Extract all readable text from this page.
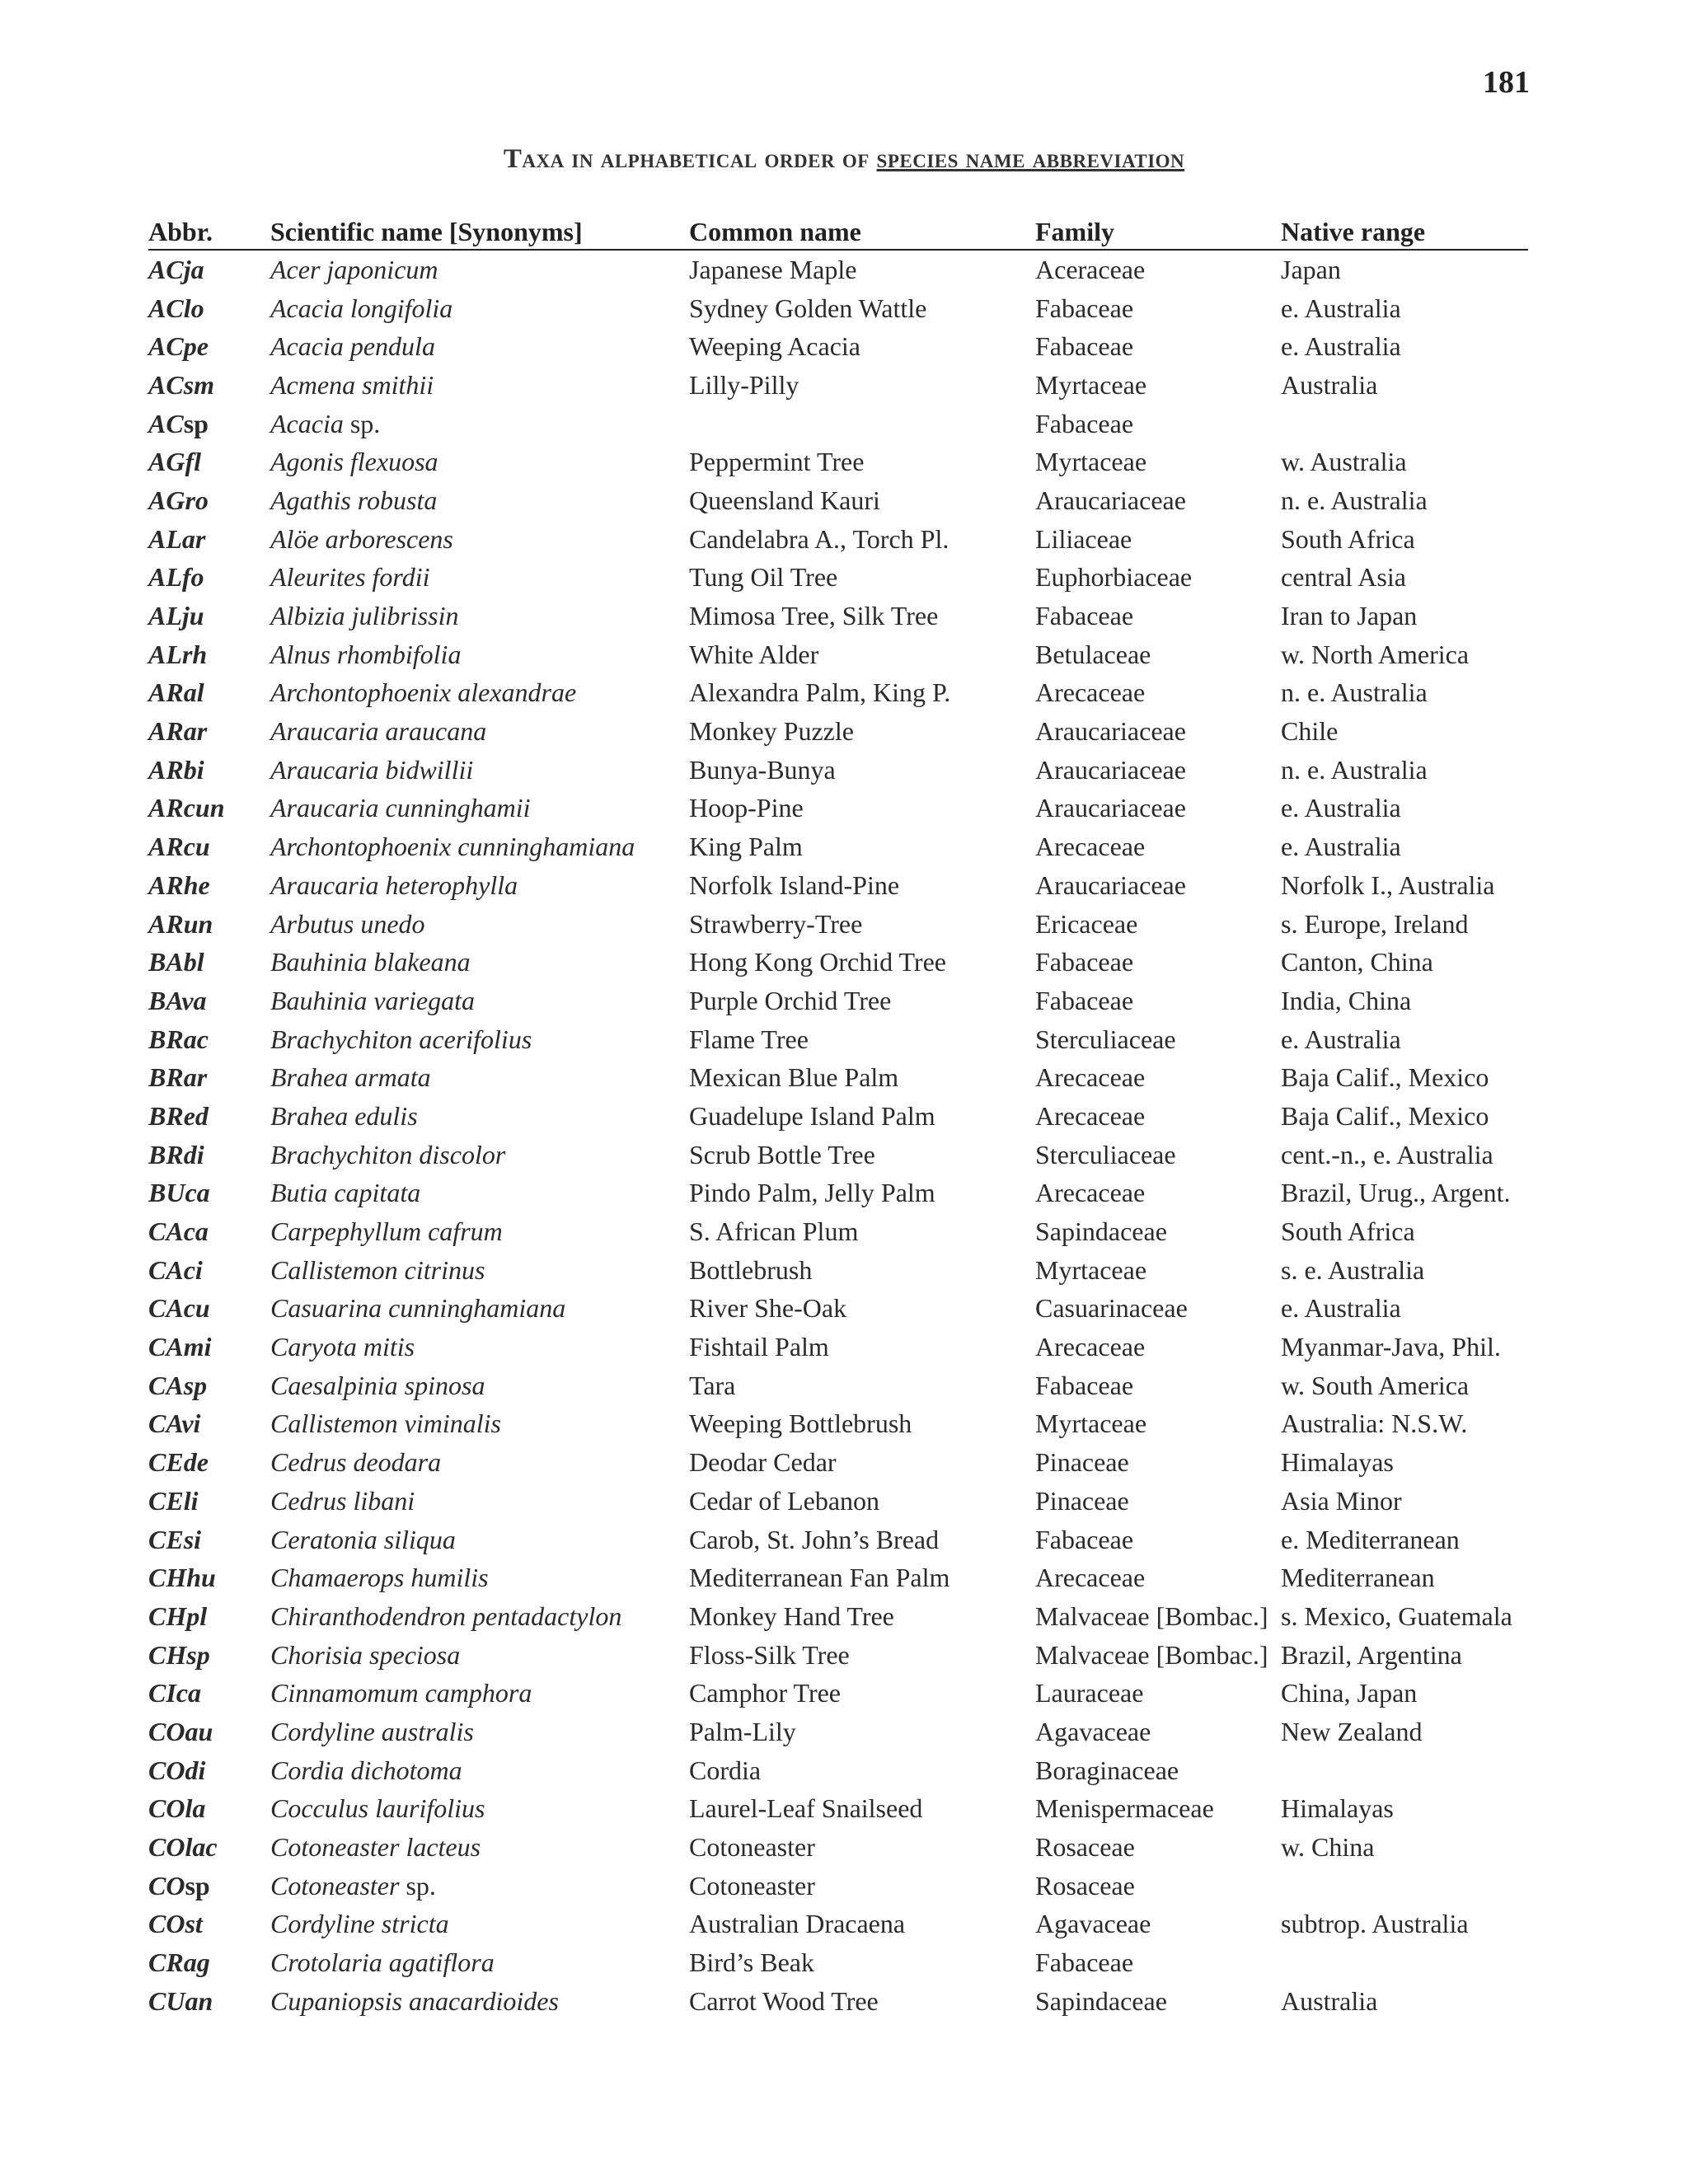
181
Taxa in alphabetical order of species name abbreviation
Abbr.	Scientific name [Synonyms]	Common name	Family	Native range
ACja	Acer japonicum	Japanese Maple	Aceraceae	Japan
AClo	Acacia longifolia	Sydney Golden Wattle	Fabaceae	e. Australia
ACpe	Acacia pendula	Weeping Acacia	Fabaceae	e. Australia
ACsm	Acmena smithii	Lilly-Pilly	Myrtaceae	Australia
ACsp	Acacia sp.		Fabaceae	
AGfl	Agonis flexuosa	Peppermint Tree	Myrtaceae	w. Australia
AGro	Agathis robusta	Queensland Kauri	Araucariaceae	n. e. Australia
ALar	Alöe arborescens	Candelabra A., Torch Pl.	Liliaceae	South Africa
ALfo	Aleurites fordii	Tung Oil Tree	Euphorbiaceae	central Asia
ALju	Albizia julibrissin	Mimosa Tree, Silk Tree	Fabaceae	Iran to Japan
ALrh	Alnus rhombifolia	White Alder	Betulaceae	w. North America
ARal	Archontophoenix alexandrae	Alexandra Palm, King P.	Arecaceae	n. e. Australia
ARar	Araucaria araucana	Monkey Puzzle	Araucariaceae	Chile
ARbi	Araucaria bidwillii	Bunya-Bunya	Araucariaceae	n. e. Australia
ARcun	Araucaria cunninghamii	Hoop-Pine	Araucariaceae	e. Australia
ARcu	Archontophoenix cunninghamiana	King Palm	Arecaceae	e. Australia
ARhe	Araucaria heterophylla	Norfolk Island-Pine	Araucariaceae	Norfolk I., Australia
ARun	Arbutus unedo	Strawberry-Tree	Ericaceae	s. Europe, Ireland
BAbl	Bauhinia blakeana	Hong Kong Orchid Tree	Fabaceae	Canton, China
BAva	Bauhinia variegata	Purple Orchid Tree	Fabaceae	India, China
BRac	Brachychiton acerifolius	Flame Tree	Sterculiaceae	e. Australia
BRar	Brahea armata	Mexican Blue Palm	Arecaceae	Baja Calif., Mexico
BRed	Brahea edulis	Guadelupe Island Palm	Arecaceae	Baja Calif., Mexico
BRdi	Brachychiton discolor	Scrub Bottle Tree	Sterculiaceae	cent.-n., e. Australia
BUca	Butia capitata	Pindo Palm, Jelly Palm	Arecaceae	Brazil, Urug., Argent.
CAca	Carpephyllum cafrum	S. African Plum	Sapindaceae	South Africa
CAci	Callistemon citrinus	Bottlebrush	Myrtaceae	s. e. Australia
CAcu	Casuarina cunninghamiana	River She-Oak	Casuarinaceae	e. Australia
CAmi	Caryota mitis	Fishtail Palm	Arecaceae	Myanmar-Java, Phil.
CAsp	Caesalpinia spinosa	Tara	Fabaceae	w. South America
CAvi	Callistemon viminalis	Weeping Bottlebrush	Myrtaceae	Australia: N.S.W.
CEde	Cedrus deodara	Deodar Cedar	Pinaceae	Himalayas
CEli	Cedrus libani	Cedar of Lebanon	Pinaceae	Asia Minor
CEsi	Ceratonia siliqua	Carob, St. John’s Bread	Fabaceae	e. Mediterranean
CHhu	Chamaerops humilis	Mediterranean Fan Palm	Arecaceae	Mediterranean
CHpl	Chiranthodendron pentadactylon	Monkey Hand Tree	Malvaceae [Bombac.]	s. Mexico, Guatemala
CHsp	Chorisia speciosa	Floss-Silk Tree	Malvaceae [Bombac.]	Brazil, Argentina
CIca	Cinnamomum camphora	Camphor Tree	Lauraceae	China, Japan
COau	Cordyline australis	Palm-Lily	Agavaceae	New Zealand
COdi	Cordia dichotoma	Cordia	Boraginaceae	
COla	Cocculus laurifolius	Laurel-Leaf Snailseed	Menispermaceae	Himalayas
COlac	Cotoneaster lacteus	Cotoneaster	Rosaceae	w. China
COsp	Cotoneaster sp.	Cotoneaster	Rosaceae	
COst	Cordyline stricta	Australian Dracaena	Agavaceae	subtrop. Australia
CRag	Crotolaria agatiflora	Bird’s Beak	Fabaceae	
CUan	Cupaniopsis anacardioides	Carrot Wood Tree	Sapindaceae	Australia
